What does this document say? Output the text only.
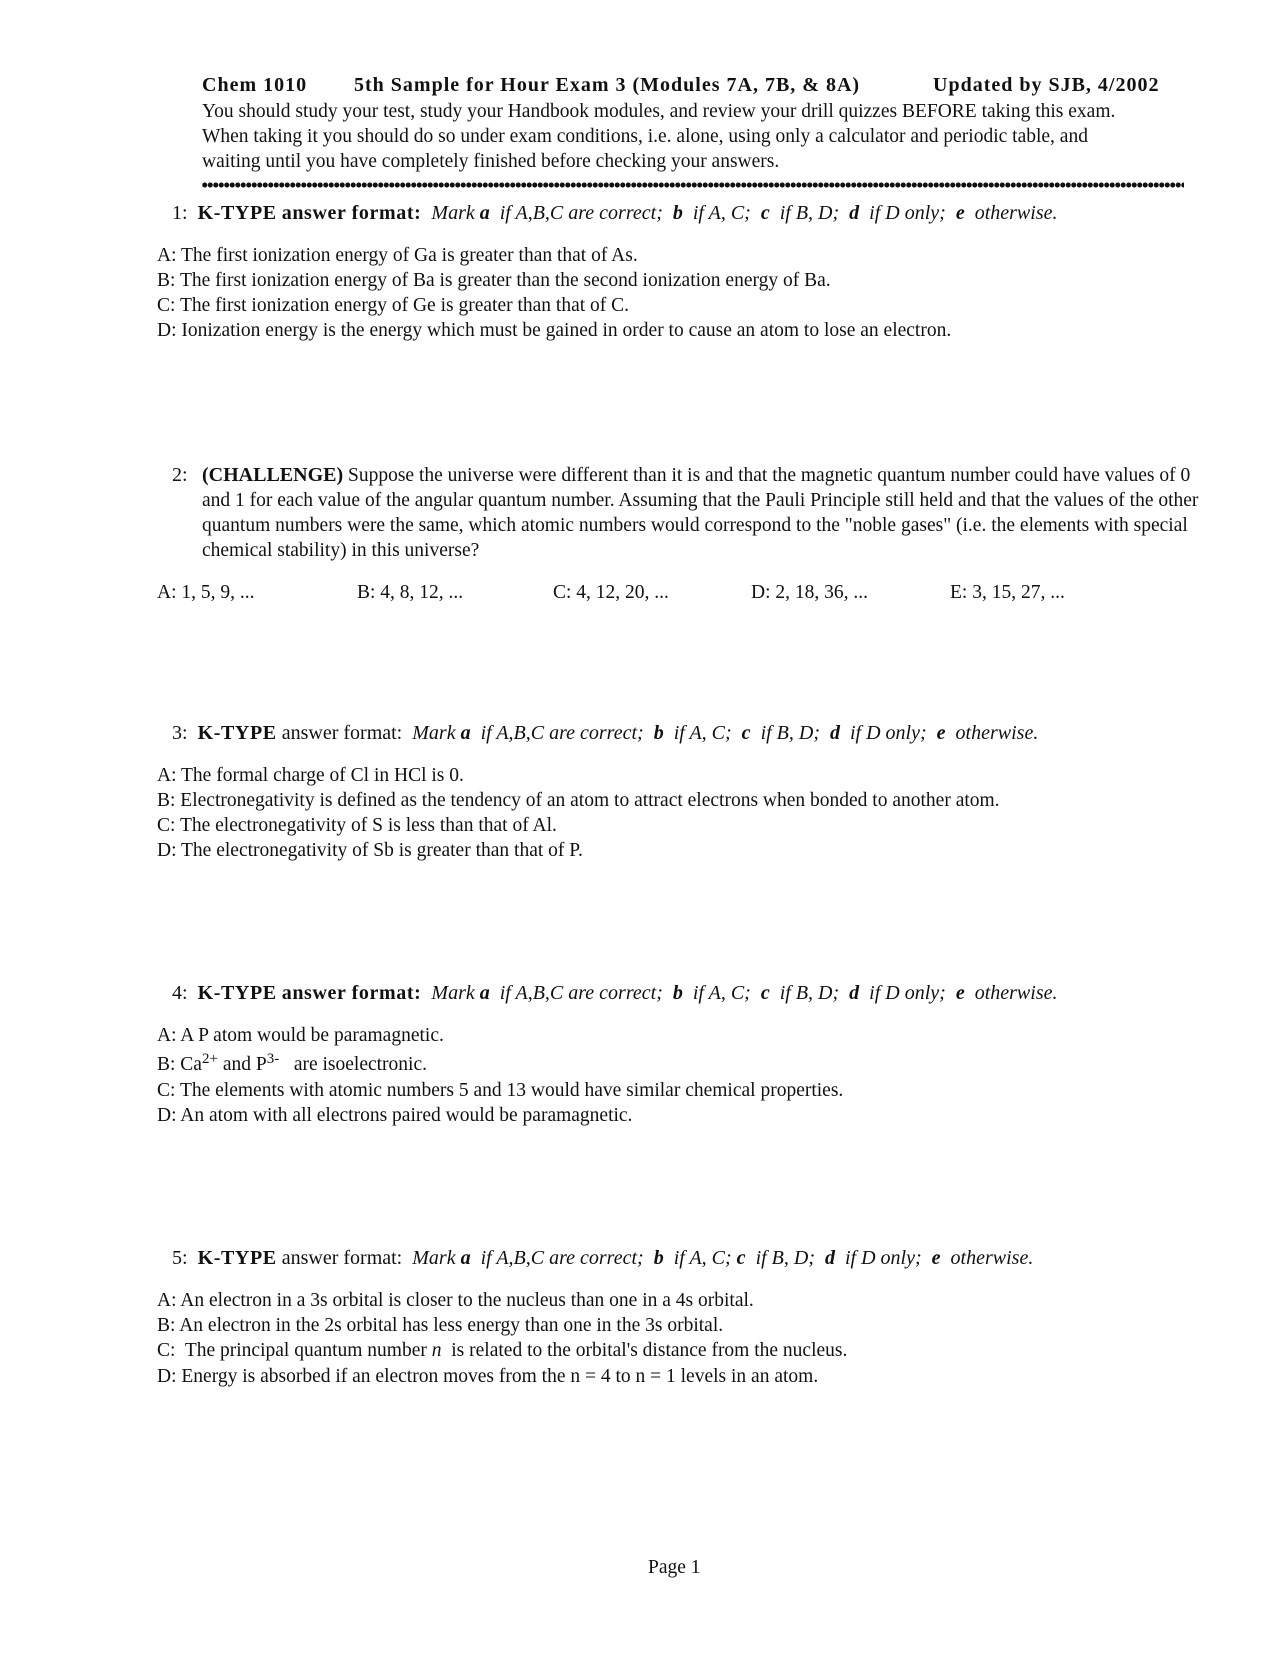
Chem 1010 5th Sample for Hour Exam 3 (Modules 7A, 7B, & 8A)	Updated by SJB, 4/2002
You should study your test, study your Handbook modules, and review your drill quizzes BEFORE taking this exam.
When taking it you should do so under exam conditions, i.e. alone, using only a calculator and periodic table, and
waiting until you have completely finished before checking your answers.
1: K-TYPE answer format: Mark a if A,B,C are correct; b if A, C; c if B, D; d if D only; e otherwise.
A: The first ionization energy of Ga is greater than that of As.
B: The first ionization energy of Ba is greater than the second ionization energy of Ba.
C: The first ionization energy of Ge is greater than that of C.
D: Ionization energy is the energy which must be gained in order to cause an atom to lose an electron.
2: (CHALLENGE) Suppose the universe were different than it is and that the magnetic quantum number could have values of 0 and 1 for each value of the angular quantum number. Assuming that the Pauli Principle still held and that the values of the other quantum numbers were the same, which atomic numbers would correspond to the "noble gases" (i.e. the elements with special chemical stability) in this universe?
A: 1, 5, 9, ...	B: 4, 8, 12, ...	C: 4, 12, 20, ...	D: 2, 18, 36, ...	E: 3, 15, 27, ...
3: K-TYPE answer format: Mark a if A,B,C are correct; b if A, C; c if B, D; d if D only; e otherwise.
A: The formal charge of Cl in HCl is 0.
B: Electronegativity is defined as the tendency of an atom to attract electrons when bonded to another atom.
C: The electronegativity of S is less than that of Al.
D: The electronegativity of Sb is greater than that of P.
4: K-TYPE answer format: Mark a if A,B,C are correct; b if A, C; c if B, D; d if D only; e otherwise.
A: A P atom would be paramagnetic.
B: $Ca^{2+}$ and $P^{3-}$   are isoelectronic.
C: The elements with atomic numbers 5 and 13 would have similar chemical properties.
D: An atom with all electrons paired would be paramagnetic.
5: K-TYPE answer format: Mark a if A,B,C are correct; b if A, C; c if B, D; d if D only; e otherwise.
A: An electron in a 3s orbital is closer to the nucleus than one in a 4s orbital.
B: An electron in the 2s orbital has less energy than one in the 3s orbital.
C:  The principal quantum number n  is related to the orbital's distance from the nucleus.
D: Energy is absorbed if an electron moves from the n = 4 to n = 1 levels in an atom.
Page 1
